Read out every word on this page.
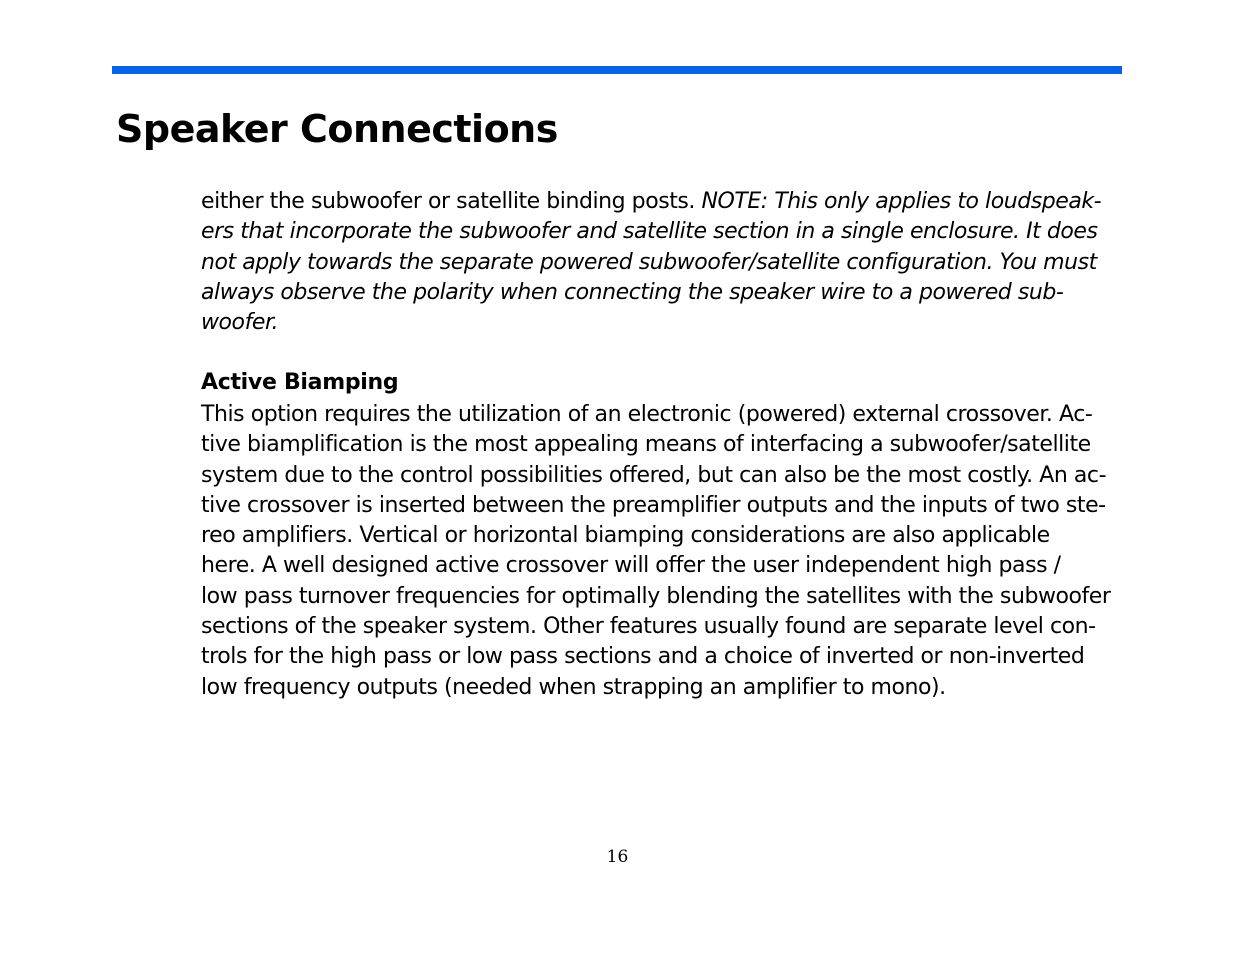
Speaker Connections
either the subwoofer or satellite binding posts. NOTE: This only applies to loudspeak-
ers that incorporate the subwoofer and satellite section in a single enclosure. It does
not apply towards the separate powered subwoofer/satellite configuration. You must
always observe the polarity when connecting the speaker wire to a powered sub-
woofer.
Active Biamping
This option requires the utilization of an electronic (powered) external crossover. Ac-
tive biamplification is the most appealing means of interfacing a subwoofer/satellite
system due to the control possibilities offered, but can also be the most costly. An ac-
tive crossover is inserted between the preamplifier outputs and the inputs of two ste-
reo amplifiers. Vertical or horizontal biamping considerations are also applicable
here. A well designed active crossover will offer the user independent high pass /
low pass turnover frequencies for optimally blending the satellites with the subwoofer
sections of the speaker system. Other features usually found are separate level con-
trols for the high pass or low pass sections and a choice of inverted or non-inverted
low frequency outputs (needed when strapping an amplifier to mono).
16
